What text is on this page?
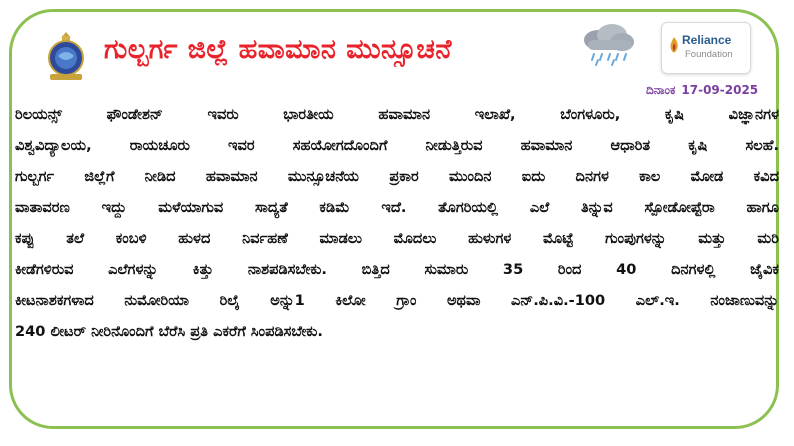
ಗುಲ್ಬರ್ಗ ಜಿಲ್ಲೆ ಹವಾಮಾನ ಮುನ್ಸೂಚನೆ	Reliance
Foundation
ದಿನಾಂಕ 17-09-2025
ರಿಲಯನ್ಸ್ ಫೌಂಡೇಶನ್ ಇವರು ಭಾರತೀಯ ಹವಾಮಾನ ಇಲಾಖೆ, ಬೆಂಗಳೂರು, ಕೃಷಿ ವಿಜ್ಞಾನಗಳ
ವಿಶ್ವವಿದ್ಯಾಲಯ, ರಾಯಚೂರು ಇವರ ಸಹಯೋಗದೊಂದಿಗೆ ನೀಡುತ್ತಿರುವ ಹವಾಮಾನ ಆಧಾರಿತ ಕೃಷಿ ಸಲಹೆ.
ಗುಲ್ಬರ್ಗ ಜಿಲ್ಲೆಗೆ ನೀಡಿದ ಹವಾಮಾನ ಮುನ್ಸೂಚನೆಯ ಪ್ರಕಾರ ಮುಂದಿನ ಐದು ದಿನಗಳ ಕಾಲ ಮೋಡ ಕವಿದ
ವಾತಾವರಣ ಇದ್ದು ಮಳೆಯಾಗುವ ಸಾದ್ಯತೆ ಕಡಿಮೆ ಇದೆ. ತೊಗರಿಯಲ್ಲಿ ಎಲೆ ತಿನ್ನುವ ಸ್ಪೋಡೋಪ್ಟೆರಾ ಹಾಗೂ
ಕಪ್ಪು ತಲೆ ಕಂಬಳಿ ಹುಳದ ನಿರ್ವಹಣೆ ಮಾಡಲು ಮೊದಲು ಹುಳುಗಳ ಮೊಟ್ಟೆ ಗುಂಪುಗಳನ್ನು ಮತ್ತು ಮರಿ
ಕೀಡೆಗಳಿರುವ ಎಲೆಗಳನ್ನು ಕಿತ್ತು ನಾಶಪಡಿಸಬೇಕು. ಬಿತ್ತಿದ ಸುಮಾರು 35 ರಿಂದ 40 ದಿನಗಳಲ್ಲಿ ಜೈವಿಕ
ಕೀಟನಾಶಕಗಳಾದ ನುಮೋರಿಯಾ ರಿಲೈ ಅನ್ನು1 ಕಿಲೋ ಗ್ರಾಂ ಅಥವಾ ಎನ್.ಪಿ.ವಿ.-100 ಎಲ್.ಇ. ನಂಜಾಣುವನ್ನು
240 ಲೀಟರ್ ನೀರಿನೊಂದಿಗೆ ಬೆರೆಸಿ ಪ್ರತಿ ಎಕರೆಗೆ ಸಿಂಪಡಿಸಬೇಕು.
